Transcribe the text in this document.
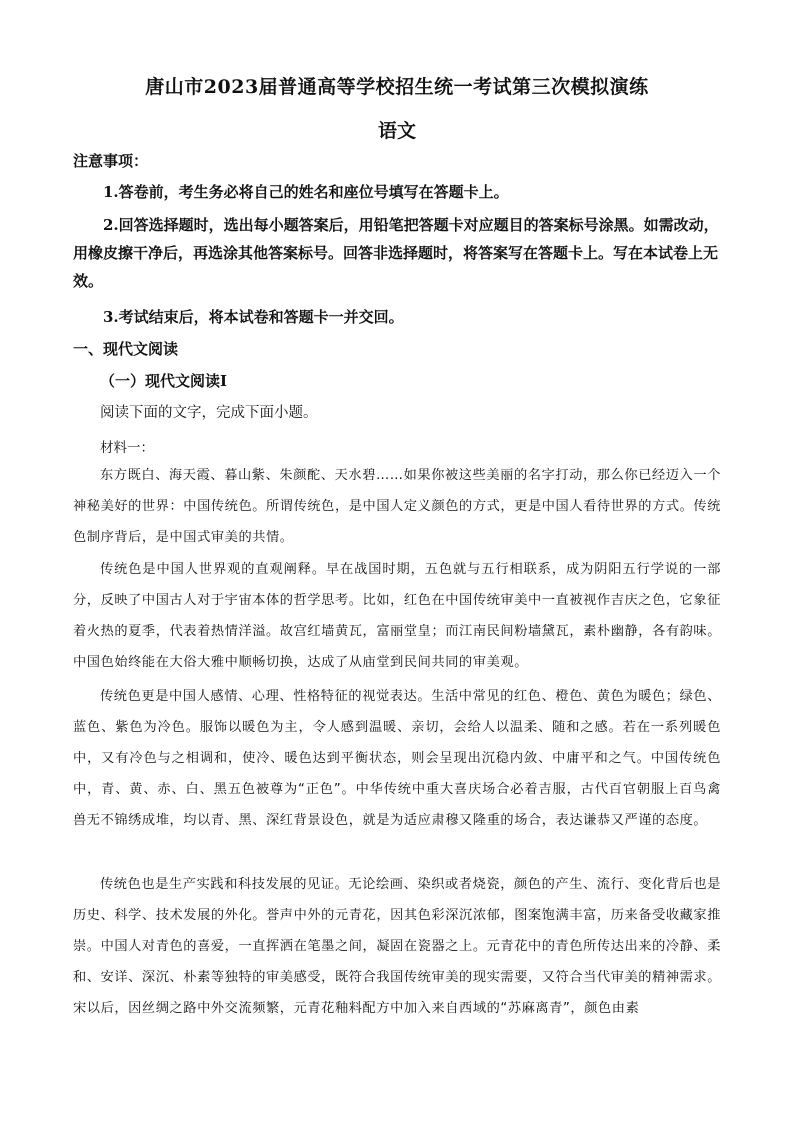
唐山市2023届普通高等学校招生统一考试第三次模拟演练
语文
注意事项：

1.答卷前，考生务必将自己的姓名和座位号填写在答题卡上。

2.回答选择题时，选出每小题答案后，用铅笔把答题卡对应题目的答案标号涂黑。如需改动，用橡皮擦干净后，再选涂其他答案标号。回答非选择题时，将答案写在答题卡上。写在本试卷上无效。

3.考试结束后，将本试卷和答题卡一并交回。

一、现代文阅读
（一）现代文阅读Ⅰ
阅读下面的文字，完成下面小题。
材料一：

东方既白、海天霞、暮山紫、朱颜酡、天水碧……如果你被这些美丽的名字打动，那么你已经迈入一个神秘美好的世界：中国传统色。所谓传统色，是中国人定义颜色的方式，更是中国人看待世界的方式。传统色制序背后，是中国式审美的共情。

传统色是中国人世界观的直观阐释。早在战国时期，五色就与五行相联系，成为阴阳五行学说的一部分，反映了中国古人对于宇宙本体的哲学思考。比如，红色在中国传统审美中一直被视作吉庆之色，它象征着火热的夏季，代表着热情洋溢。故宫红墙黄瓦，富丽堂皇；而江南民间粉墙黛瓦，素朴幽静，各有韵味。中国色始终能在大俗大雅中顺畅切换，达成了从庙堂到民间共同的审美观。

传统色更是中国人感情、心理、性格特征的视觉表达。生活中常见的红色、橙色、黄色为暖色；绿色、蓝色、紫色为冷色。服饰以暖色为主，令人感到温暖、亲切，会给人以温柔、随和之感。若在一系列暖色中，又有冷色与之相调和，使冷、暖色达到平衡状态，则会呈现出沉稳内敛、中庸平和之气。中国传统色中，青、黄、赤、白、黑五色被尊为“正色”。中华传统中重大喜庆场合必着吉服，古代百官朝服上百鸟禽兽无不锦绣成堆，均以青、黑、深红背景设色，就是为适应肃穆又隆重的场合，表达谦恭又严谨的态度。

传统色也是生产实践和科技发展的见证。无论绘画、染织或者烧瓷，颜色的产生、流行、变化背后也是历史、科学、技术发展的外化。誉声中外的元青花，因其色彩深沉浓郁，图案饱满丰富，历来备受收藏家推崇。中国人对青色的喜爱，一直挥洒在笔墨之间，凝固在瓷器之上。元青花中的青色所传达出来的冷静、柔和、安详、深沉、朴素等独特的审美感受，既符合我国传统审美的现实需要，又符合当代审美的精神需求。宋以后，因丝绸之路中外交流频繁，元青花釉料配方中加入来自西域的“苏麻离青”，颜色由素
